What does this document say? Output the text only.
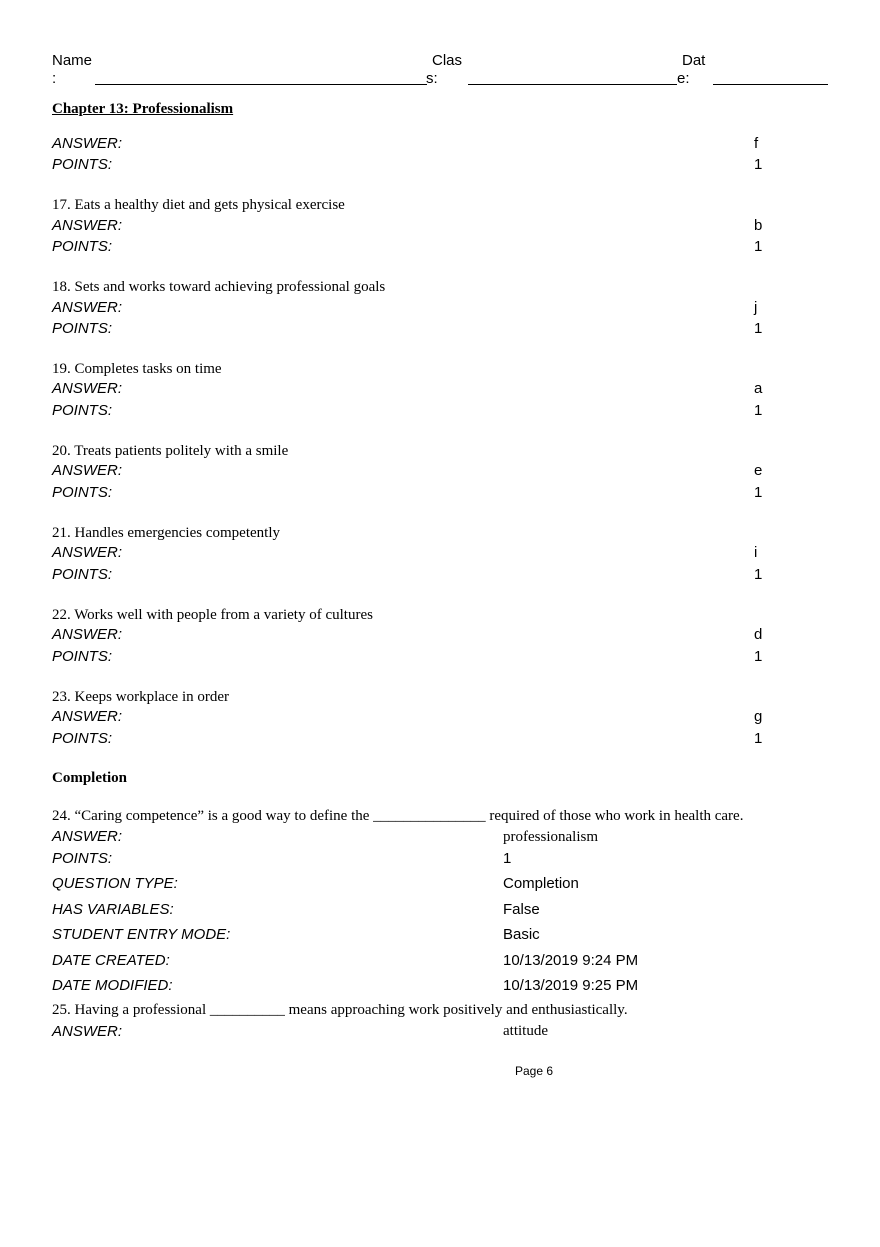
Name
:
Clas
s:
Dat
e:
Chapter 13: Professionalism
ANSWER:	f
POINTS:	1
17. Eats a healthy diet and gets physical exercise
ANSWER:	b
POINTS:	1
18. Sets and works toward achieving professional goals
ANSWER:	j
POINTS:	1
19. Completes tasks on time
ANSWER:	a
POINTS:	1
20. Treats patients politely with a smile
ANSWER:	e
POINTS:	1
21. Handles emergencies competently
ANSWER:	i
POINTS:	1
22. Works well with people from a variety of cultures
ANSWER:	d
POINTS:	1
23. Keeps workplace in order
ANSWER:	g
POINTS:	1
Completion
24. “Caring competence” is a good way to define the _______________ required of those who work in health care.
ANSWER:	professionalism
POINTS:	1
QUESTION TYPE:	Completion
HAS VARIABLES:	False
STUDENT ENTRY MODE:	Basic
DATE CREATED:	10/13/2019 9:24 PM
DATE MODIFIED:	10/13/2019 9:25 PM
25. Having a professional __________ means approaching work positively and enthusiastically.
ANSWER:	attitude
Page 6
